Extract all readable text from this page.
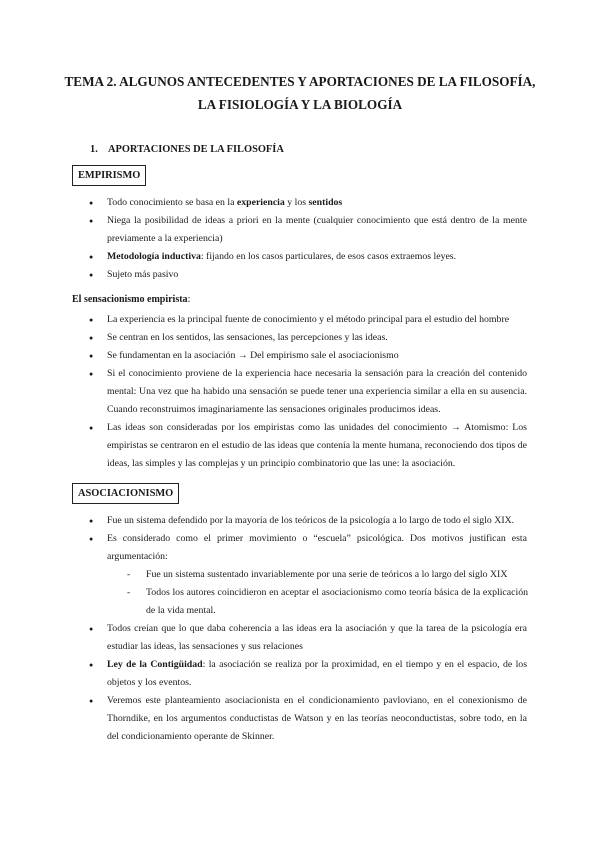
TEMA 2. ALGUNOS ANTECEDENTES Y APORTACIONES DE LA FILOSOFÍA,
LA FISIOLOGÍA Y LA BIOLOGÍA
1. APORTACIONES DE LA FILOSOFÍA
EMPIRISMO
● Todo conocimiento se basa en la experiencia y los sentidos
● Niega la posibilidad de ideas a priori en la mente (cualquier conocimiento que está dentro de la mente previamente a la experiencia)
● Metodología inductiva: fijando en los casos particulares, de esos casos extraemos leyes.
● Sujeto más pasivo
El sensacionismo empirista:
● La experiencia es la principal fuente de conocimiento y el método principal para el estudio del hombre
● Se centran en los sentidos, las sensaciones, las percepciones y las ideas.
● Se fundamentan en la asociación → Del empirismo sale el asociacionismo
● Si el conocimiento proviene de la experiencia hace necesaria la sensación para la creación del contenido mental: Una vez que ha habido una sensación se puede tener una experiencia similar a ella en su ausencia. Cuando reconstruimos imaginariamente las sensaciones originales producimos ideas.
● Las ideas son consideradas por los empiristas como las unidades del conocimiento → Atomismo: Los empiristas se centraron en el estudio de las ideas que contenía la mente humana, reconociendo dos tipos de ideas, las simples y las complejas y un principio combinatorio que las une: la asociación.
ASOCIACIONISMO
● Fue un sistema defendido por la mayoría de los teóricos de la psicología a lo largo de todo el siglo XIX.
● Es considerado como el primer movimiento o “escuela” psicológica. Dos motivos justifican esta argumentación:
- Fue un sistema sustentado invariablemente por una serie de teóricos a lo largo del siglo XIX
- Todos los autores coincidieron en aceptar el asociacionismo como teoría básica de la explicación de la vida mental.
● Todos creían que lo que daba coherencia a las ideas era la asociación y que la tarea de la psicología era estudiar las ideas, las sensaciones y sus relaciones
● Ley de la Contigüidad: la asociación se realiza por la proximidad, en el tiempo y en el espacio, de los objetos y los eventos.
● Veremos este planteamiento asociacionista en el condicionamiento pavloviano, en el conexionismo de Thorndike, en los argumentos conductistas de Watson y en las teorías neoconductistas, sobre todo, en la del condicionamiento operante de Skinner.
